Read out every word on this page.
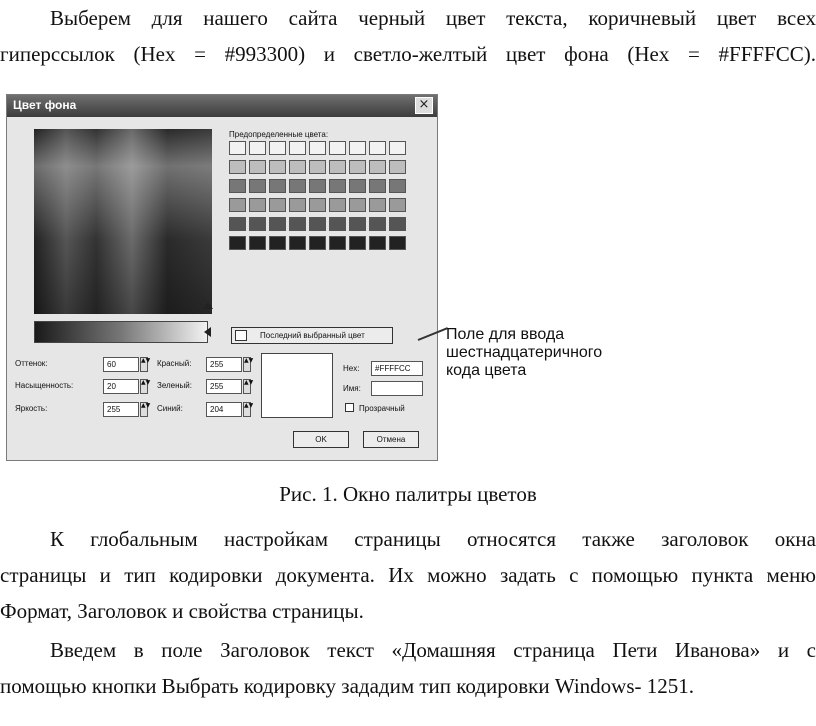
Выберем для нашего сайта черный цвет текста, коричневый цвет всех
гиперссылок (Hex = #993300) и светло-желтый цвет фона (Hex = #FFFFCC).
Цвет фона	×
Предопределенные цвета:
Последний выбранный цвет
Оттенок:	60	▲▼
Насыщенность:	20	▲▼
Яркость:	255	▲▼
Красный:	255	▲▼
Зеленый:	255	▲▼
Синий:	204	▲▼
Hex:	#FFFFCC
Имя:
Прозрачный
OK	Отмена
Поле для ввода
шестнадцатеричного
кода цвета
Рис. 1. Окно палитры цветов
К глобальным настройкам страницы относятся также заголовок окна
страницы и тип кодировки документа. Их можно задать с помощью пункта меню
Формат, Заголовок и свойства страницы.
Введем в поле Заголовок текст «Домашняя страница Пети Иванова» и с
помощью кнопки Выбрать кодировку зададим тип кодировки Windows- 1251.
